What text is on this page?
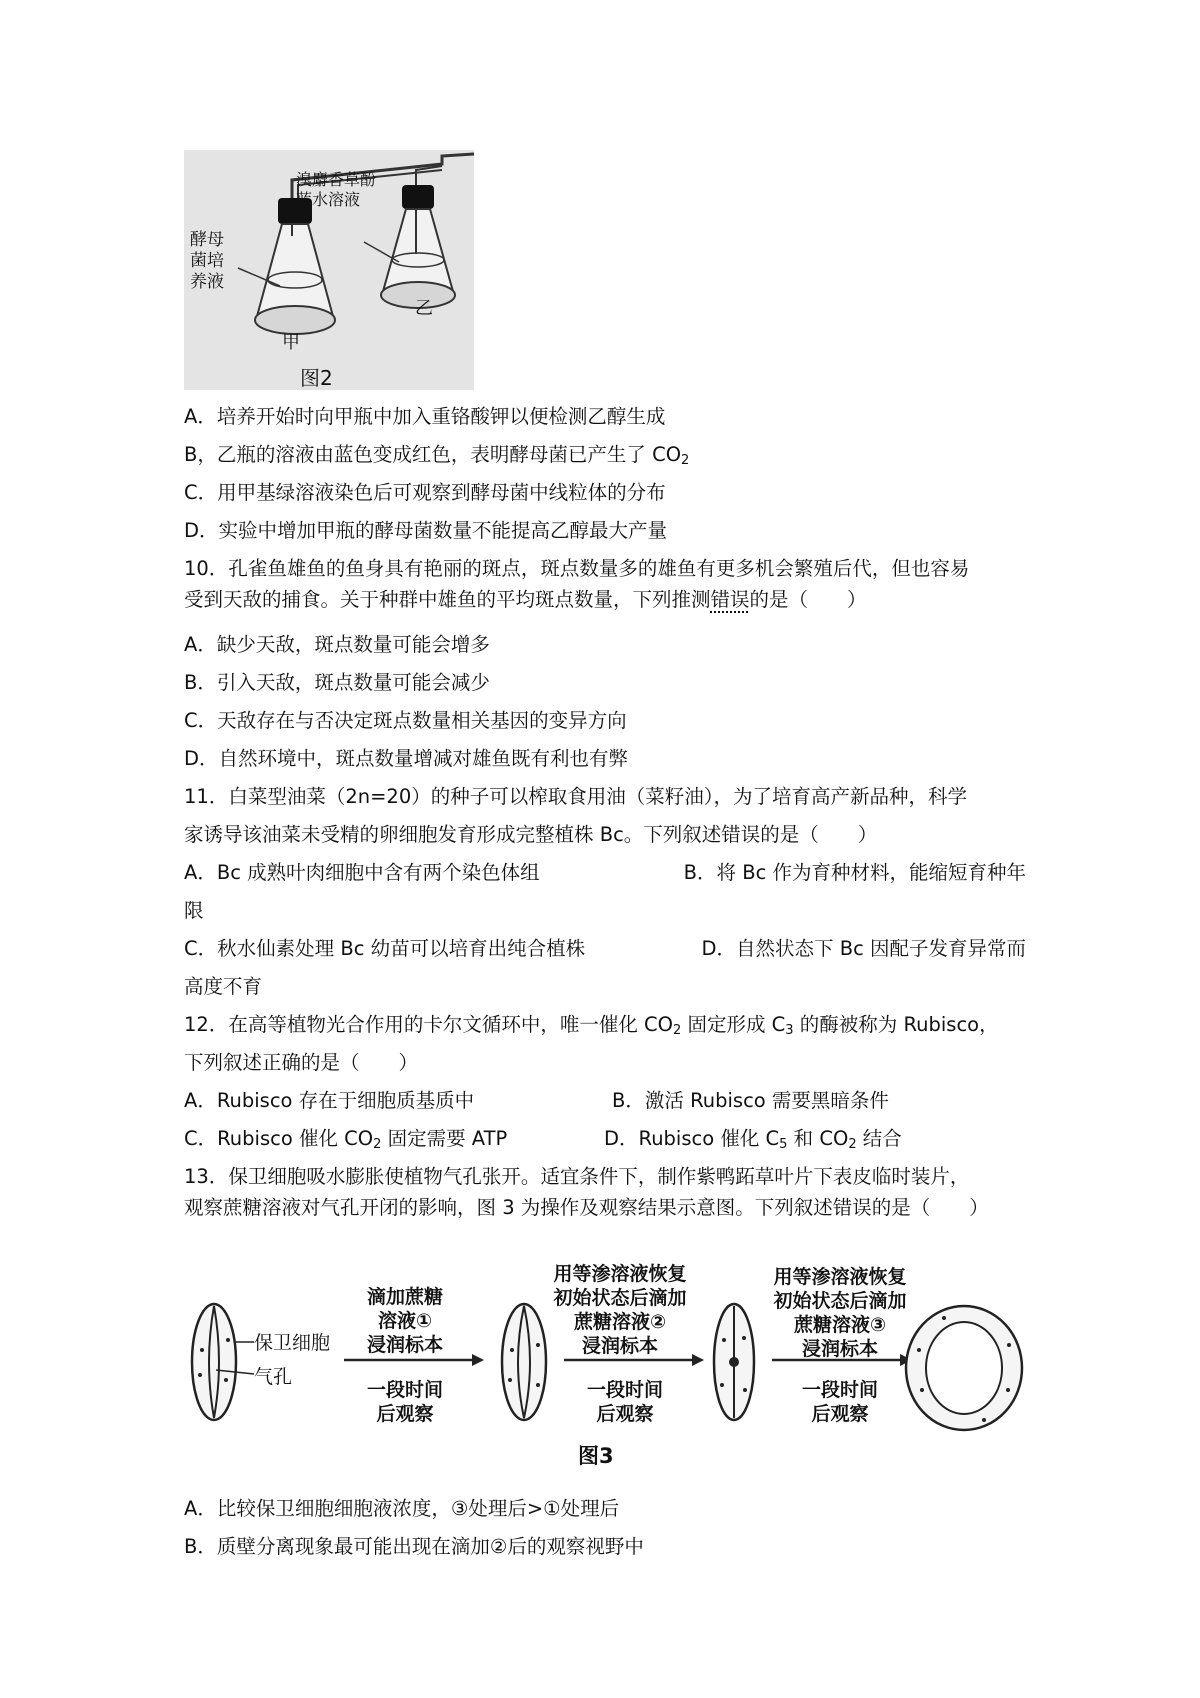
酵母菌培养液
溴麝香草酚蓝水溶液
甲
乙
图2
A．培养开始时向甲瓶中加入重铬酸钾以便检测乙醇生成
B，乙瓶的溶液由蓝色变成红色，表明酵母菌已产生了 $CO_2$
C．用甲基绿溶液染色后可观察到酵母菌中线粒体的分布
D．实验中增加甲瓶的酵母菌数量不能提高乙醇最大产量
10．孔雀鱼雄鱼的鱼身具有艳丽的斑点，斑点数量多的雄鱼有更多机会繁殖后代，但也容易
受到天敌的捕食。关于种群中雄鱼的平均斑点数量，下列推测错误的是（　　）
A．缺少天敌，斑点数量可能会增多
B．引入天敌，斑点数量可能会减少
C．天敌存在与否决定斑点数量相关基因的变异方向
D．自然环境中，斑点数量增减对雄鱼既有利也有弊
11．白菜型油菜（2n=20）的种子可以榨取食用油（菜籽油），为了培育高产新品种，科学
家诱导该油菜未受精的卵细胞发育形成完整植株 Bc。下列叙述错误的是（　　）
A．Bc 成熟叶肉细胞中含有两个染色体组	B．将 Bc 作为育种材料，能缩短育种年
限
C．秋水仙素处理 Bc 幼苗可以培育出纯合植株	D．自然状态下 Bc 因配子发育异常而
高度不育
12．在高等植物光合作用的卡尔文循环中，唯一催化 $CO_2$ 固定形成 $C_3$ 的酶被称为 Rubisco，
下列叙述正确的是（　　）
A．Rubisco 存在于细胞质基质中	B．激活 Rubisco 需要黑暗条件
C．Rubisco 催化 $CO_2$ 固定需要 ATP	D．Rubisco 催化 $C_5$ 和 $CO_2$ 结合
13．保卫细胞吸水膨胀使植物气孔张开。适宜条件下，制作紫鸭跖草叶片下表皮临时装片，
观察蔗糖溶液对气孔开闭的影响，图 3 为操作及观察结果示意图。下列叙述错误的是（　　）
保卫细胞
气孔
滴加蔗糖
溶液①
浸润标本
一段时间
后观察
用等渗溶液恢复
初始状态后滴加
蔗糖溶液②
浸润标本
一段时间
后观察
用等渗溶液恢复
初始状态后滴加
蔗糖溶液③
浸润标本
一段时间
后观察
图3
A．比较保卫细胞细胞液浓度，③处理后>①处理后
B．质壁分离现象最可能出现在滴加②后的观察视野中
